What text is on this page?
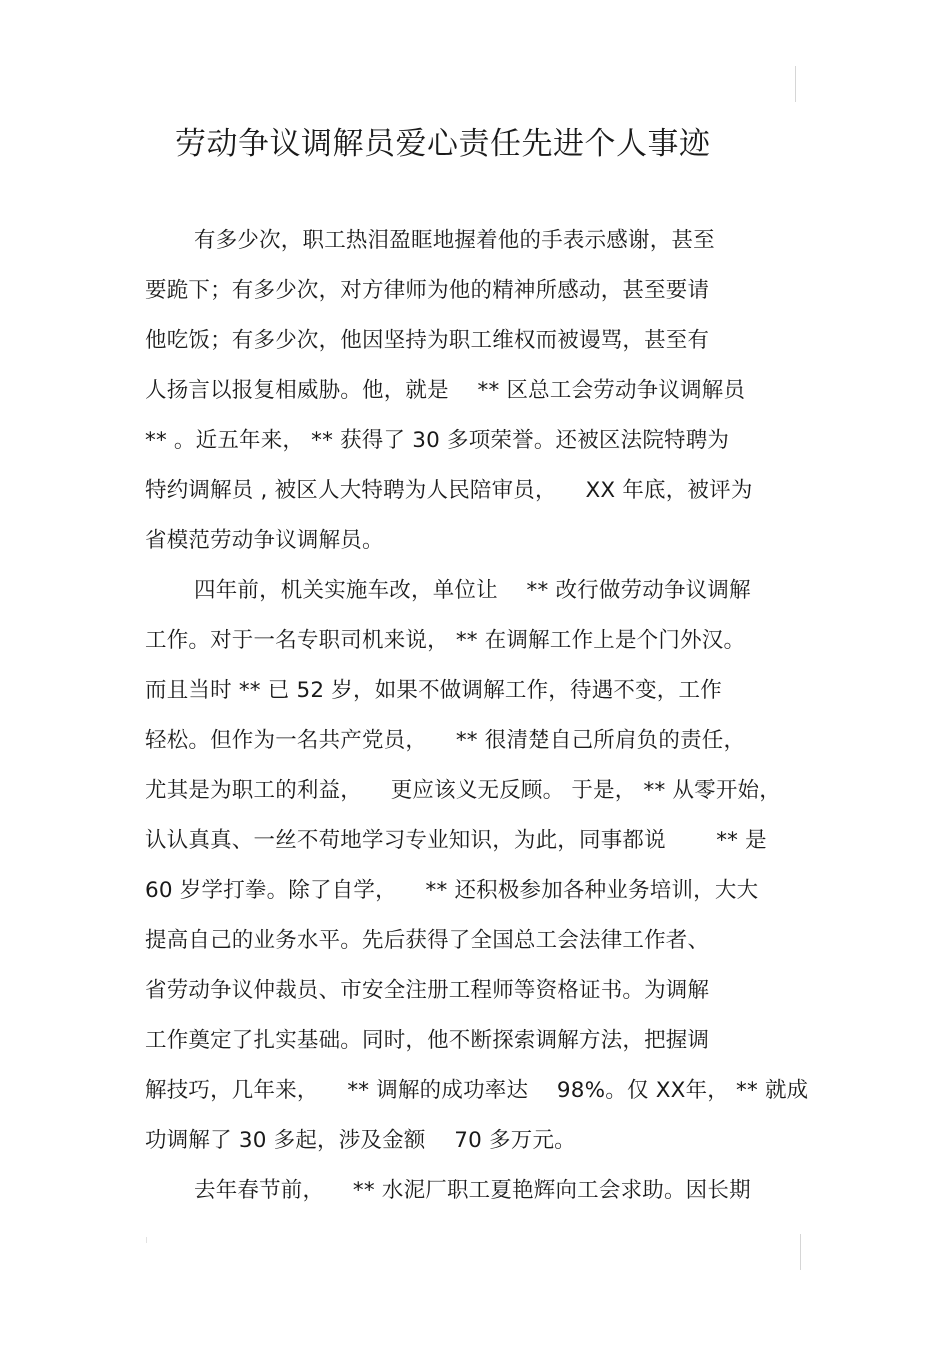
劳动争议调解员爱心责任先进个人事迹
有多少次，职工热泪盈眶地握着他的手表示感谢，甚至
要跪下；有多少次，对方律师为他的精神所感动，甚至要请
他吃饭；有多少次，他因坚持为职工维权而被谩骂，甚至有
人扬言以报复相威胁。他，就是 　** 区总工会劳动争议调解员
** 。近五年来， ** 获得了 30 多项荣誉。还被区法院特聘为
特约调解员 , 被区人大特聘为人民陪审员， 　XX 年底，被评为
省模范劳动争议调解员。
四年前，机关实施车改，单位让 　** 改行做劳动争议调解
工作。对于一名专职司机来说， ** 在调解工作上是个门外汉。
而且当时 ** 已 52 岁，如果不做调解工作，待遇不变，工作
轻松。但作为一名共产党员， 　** 很清楚自己所肩负的责任，
尤其是为职工的利益， 　更应该义无反顾。 于是， ** 从零开始，
认认真真、一丝不苟地学习专业知识，为此，同事都说 　　** 是
60 岁学打拳。除了自学， 　** 还积极参加各种业务培训，大大
提高自己的业务水平。先后获得了全国总工会法律工作者、
省劳动争议仲裁员、市安全注册工程师等资格证书。为调解
工作奠定了扎实基础。同时，他不断探索调解方法，把握调
解技巧，几年来， 　** 调解的成功率达 　98%。仅 XX年， ** 就成
功调解了 30 多起，涉及金额 　70 多万元。
去年春节前， 　** 水泥厂职工夏艳辉向工会求助。因长期
